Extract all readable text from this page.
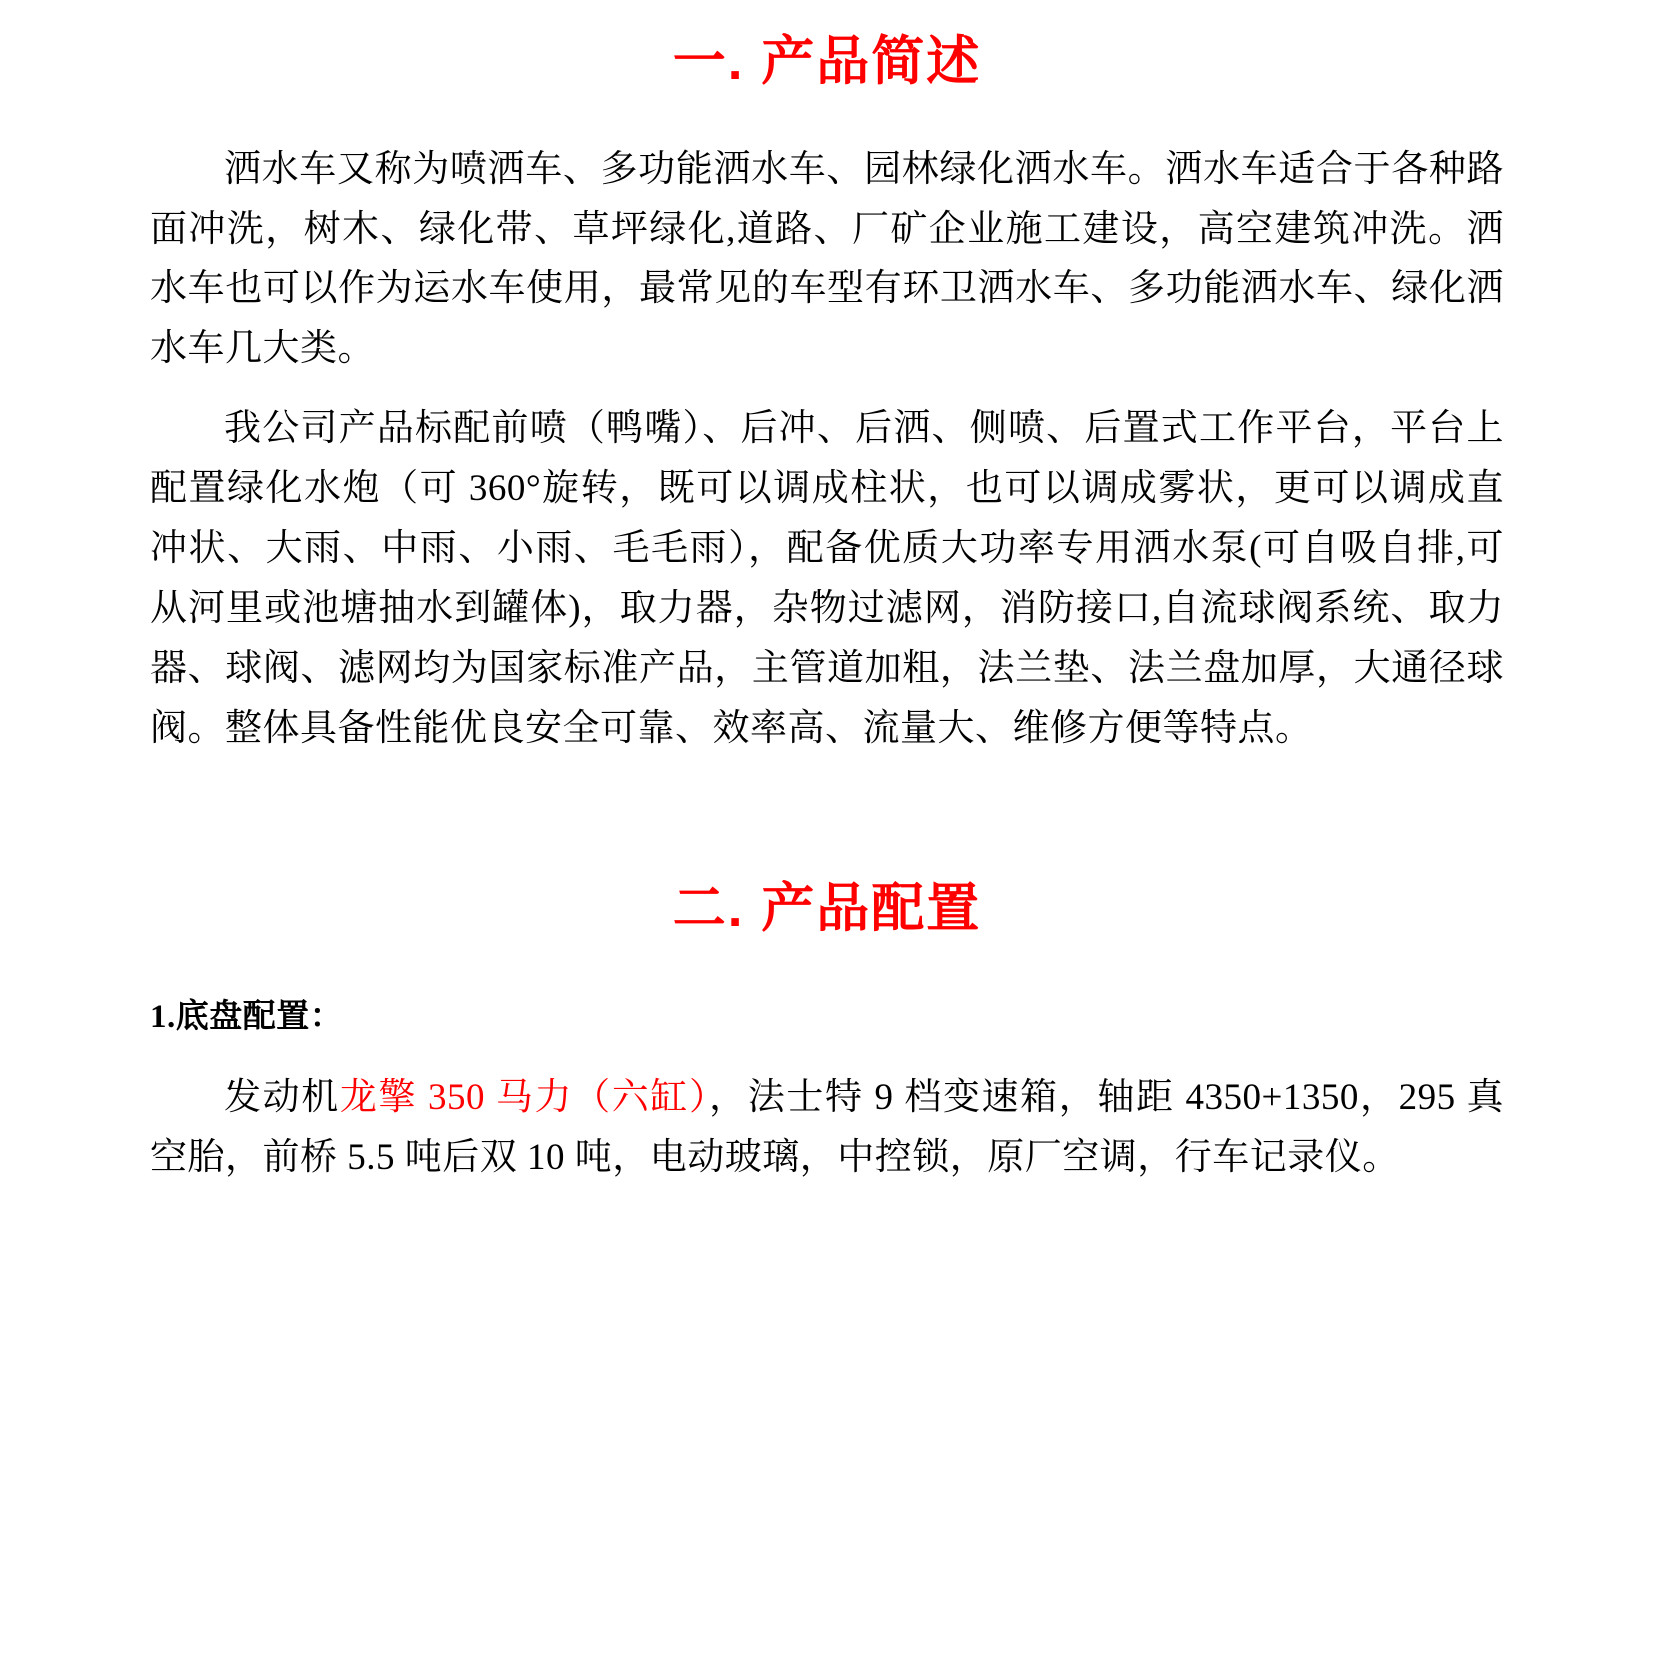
一. 产品简述

洒水车又称为喷洒车、多功能洒水车、园林绿化洒水车。洒水车适合于各种路面冲洗，树木、绿化带、草坪绿化,道路、厂矿企业施工建设，高空建筑冲洗。洒水车也可以作为运水车使用，最常见的车型有环卫洒水车、多功能洒水车、绿化洒水车几大类。

我公司产品标配前喷（鸭嘴）、后冲、后洒、侧喷、后置式工作平台，平台上配置绿化水炮（可 360°旋转，既可以调成柱状，也可以调成雾状，更可以调成直冲状、大雨、中雨、小雨、毛毛雨），配备优质大功率专用洒水泵(可自吸自排,可从河里或池塘抽水到罐体)，取力器，杂物过滤网，消防接口,自流球阀系统、取力器、球阀、滤网均为国家标准产品，主管道加粗，法兰垫、法兰盘加厚，大通径球阀。整体具备性能优良安全可靠、效率高、流量大、维修方便等特点。

二. 产品配置

1.底盘配置：

发动机龙擎 350 马力（六缸），法士特 9 档变速箱，轴距 4350+1350，295 真空胎，前桥 5.5 吨后双 10 吨，电动玻璃，中控锁，原厂空调，行车记录仪。
